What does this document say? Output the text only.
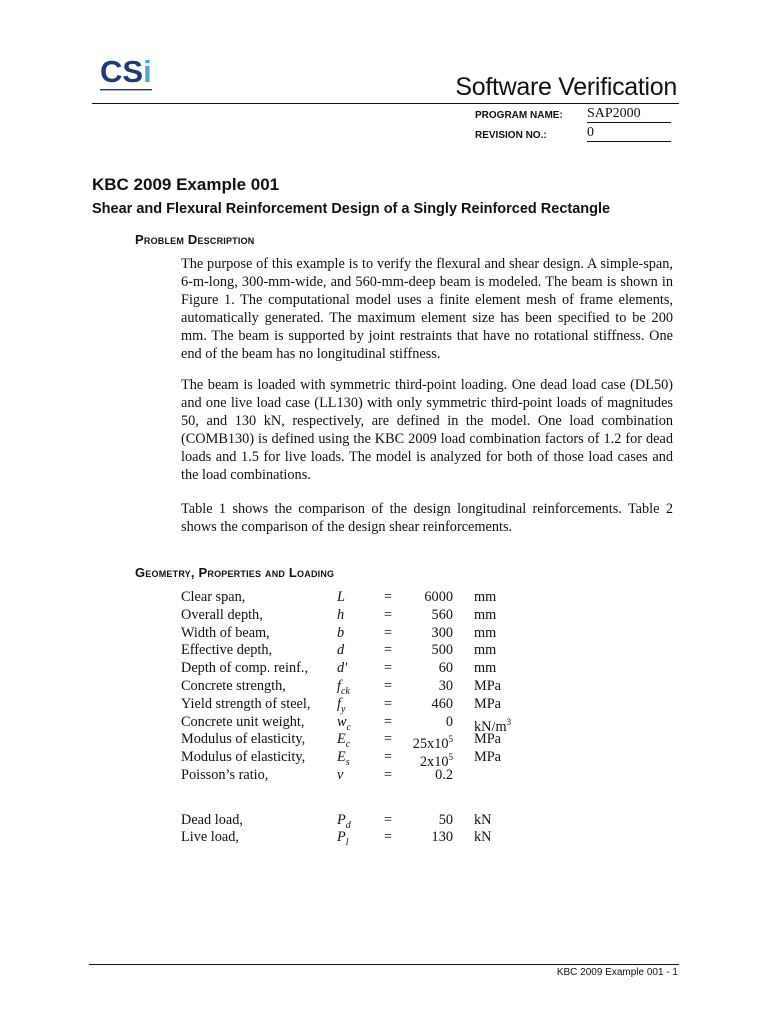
CSi	Software Verification
PROGRAM NAME: SAP2000
REVISION NO.:	0
KBC 2009 Example 001
Shear and Flexural Reinforcement Design of a Singly Reinforced Rectangle
Problem Description

The purpose of this example is to verify the flexural and shear design. A simple-span, 6-m-long, 300-mm-wide, and 560-mm-deep beam is modeled. The beam is shown in Figure 1. The computational model uses a finite element mesh of frame elements, automatically generated. The maximum element size has been specified to be 200 mm. The beam is supported by joint restraints that have no rotational stiffness. One end of the beam has no longitudinal stiffness.

The beam is loaded with symmetric third-point loading. One dead load case (DL50) and one live load case (LL130) with only symmetric third-point loads of magnitudes 50, and 130 kN, respectively, are defined in the model. One load combination (COMB130) is defined using the KBC 2009 load combination factors of 1.2 for dead loads and 1.5 for live loads. The model is analyzed for both of those load cases and the load combinations.

Table 1 shows the comparison of the design longitudinal reinforcements. Table 2 shows the comparison of the design shear reinforcements.

Geometry, Properties and Loading
Clear span,	L	= 6000 mm
Overall depth,	h	=	560 mm
Width of beam,	b	=	300 mm
Effective depth,	d	=	500 mm
Depth of comp. reinf., d'	=	60 mm
Concrete strength,	$f_{ck}$ =	30 MPa
Yield strength of steel, $f_y$	=	460 MPa
Concrete unit weight, $w_c$ =	0 $kN/m^3$
Modulus of elasticity, $E_c = 25x10^5$ MPa
Modulus of elasticity, $E_s = 2x10^5$ MPa
Poisson’s ratio,	v	=	0.2
Dead load,	$P_d$ =	50 kN
Live load,	$P_l$ =	130 kN
KBC 2009 Example 001 - 1
